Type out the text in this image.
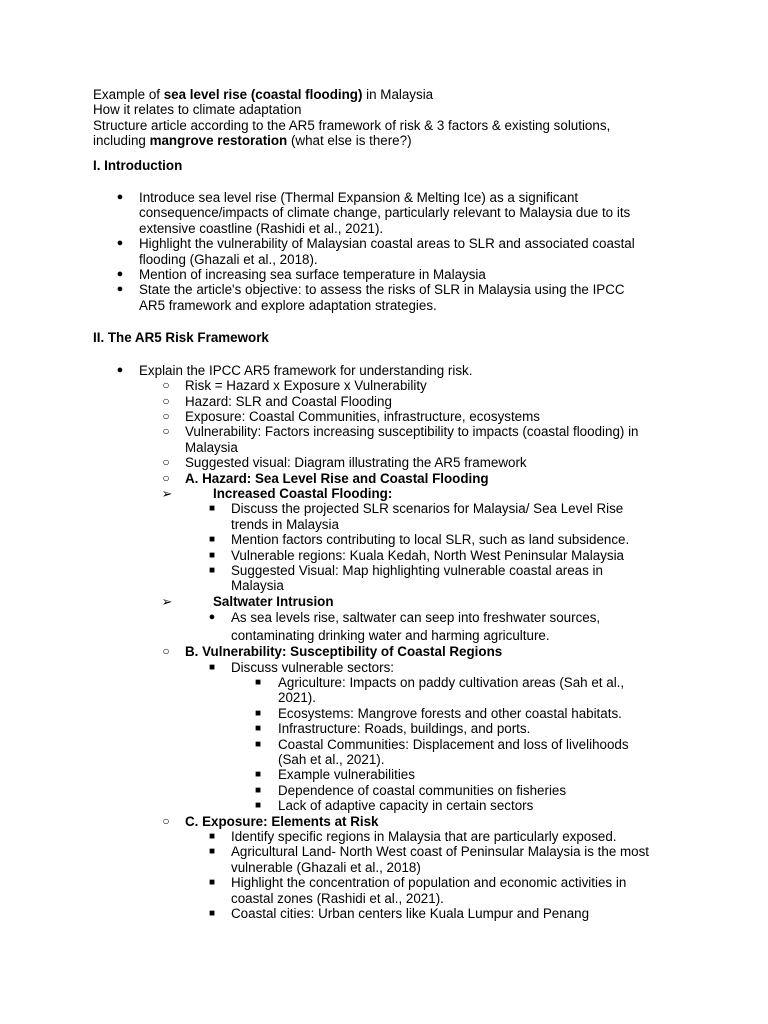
Example of sea level rise (coastal flooding) in Malaysia
How it relates to climate adaptation
Structure article according to the AR5 framework of risk & 3 factors & existing solutions,
including mangrove restoration (what else is there?)
I. Introduction
●	Introduce sea level rise (Thermal Expansion & Melting Ice) as a significant
consequence/impacts of climate change, particularly relevant to Malaysia due to its
extensive coastline (Rashidi et al., 2021).
●	Highlight the vulnerability of Malaysian coastal areas to SLR and associated coastal
flooding (Ghazali et al., 2018).
●	Mention of increasing sea surface temperature in Malaysia
●	State the article's objective: to assess the risks of SLR in Malaysia using the IPCC
AR5 framework and explore adaptation strategies.
II. The AR5 Risk Framework
●	Explain the IPCC AR5 framework for understanding risk.
○	Risk = Hazard x Exposure x Vulnerability
○	Hazard: SLR and Coastal Flooding
○	Exposure: Coastal Communities, infrastructure, ecosystems
○	Vulnerability: Factors increasing susceptibility to impacts (coastal flooding) in
Malaysia
○	Suggested visual: Diagram illustrating the AR5 framework
○	A. Hazard: Sea Level Rise and Coastal Flooding
➢	Increased Coastal Flooding:
■	Discuss the projected SLR scenarios for Malaysia/ Sea Level Rise
trends in Malaysia
■	Mention factors contributing to local SLR, such as land subsidence.
■	Vulnerable regions: Kuala Kedah, North West Peninsular Malaysia
■	Suggested Visual: Map highlighting vulnerable coastal areas in
Malaysia
➢	Saltwater Intrusion
●	As sea levels rise, saltwater can seep into freshwater sources,
contaminating drinking water and harming agriculture.
○	B. Vulnerability: Susceptibility of Coastal Regions
■	Discuss vulnerable sectors:
■	Agriculture: Impacts on paddy cultivation areas (Sah et al.,
2021).
■	Ecosystems: Mangrove forests and other coastal habitats.
■	Infrastructure: Roads, buildings, and ports.
■	Coastal Communities: Displacement and loss of livelihoods
(Sah et al., 2021).
■	Example vulnerabilities
■	Dependence of coastal communities on fisheries
■	Lack of adaptive capacity in certain sectors
○	C. Exposure: Elements at Risk
■	Identify specific regions in Malaysia that are particularly exposed.
■	Agricultural Land- North West coast of Peninsular Malaysia is the most
vulnerable (Ghazali et al., 2018)
■	Highlight the concentration of population and economic activities in
coastal zones (Rashidi et al., 2021).
■	Coastal cities: Urban centers like Kuala Lumpur and Penang
